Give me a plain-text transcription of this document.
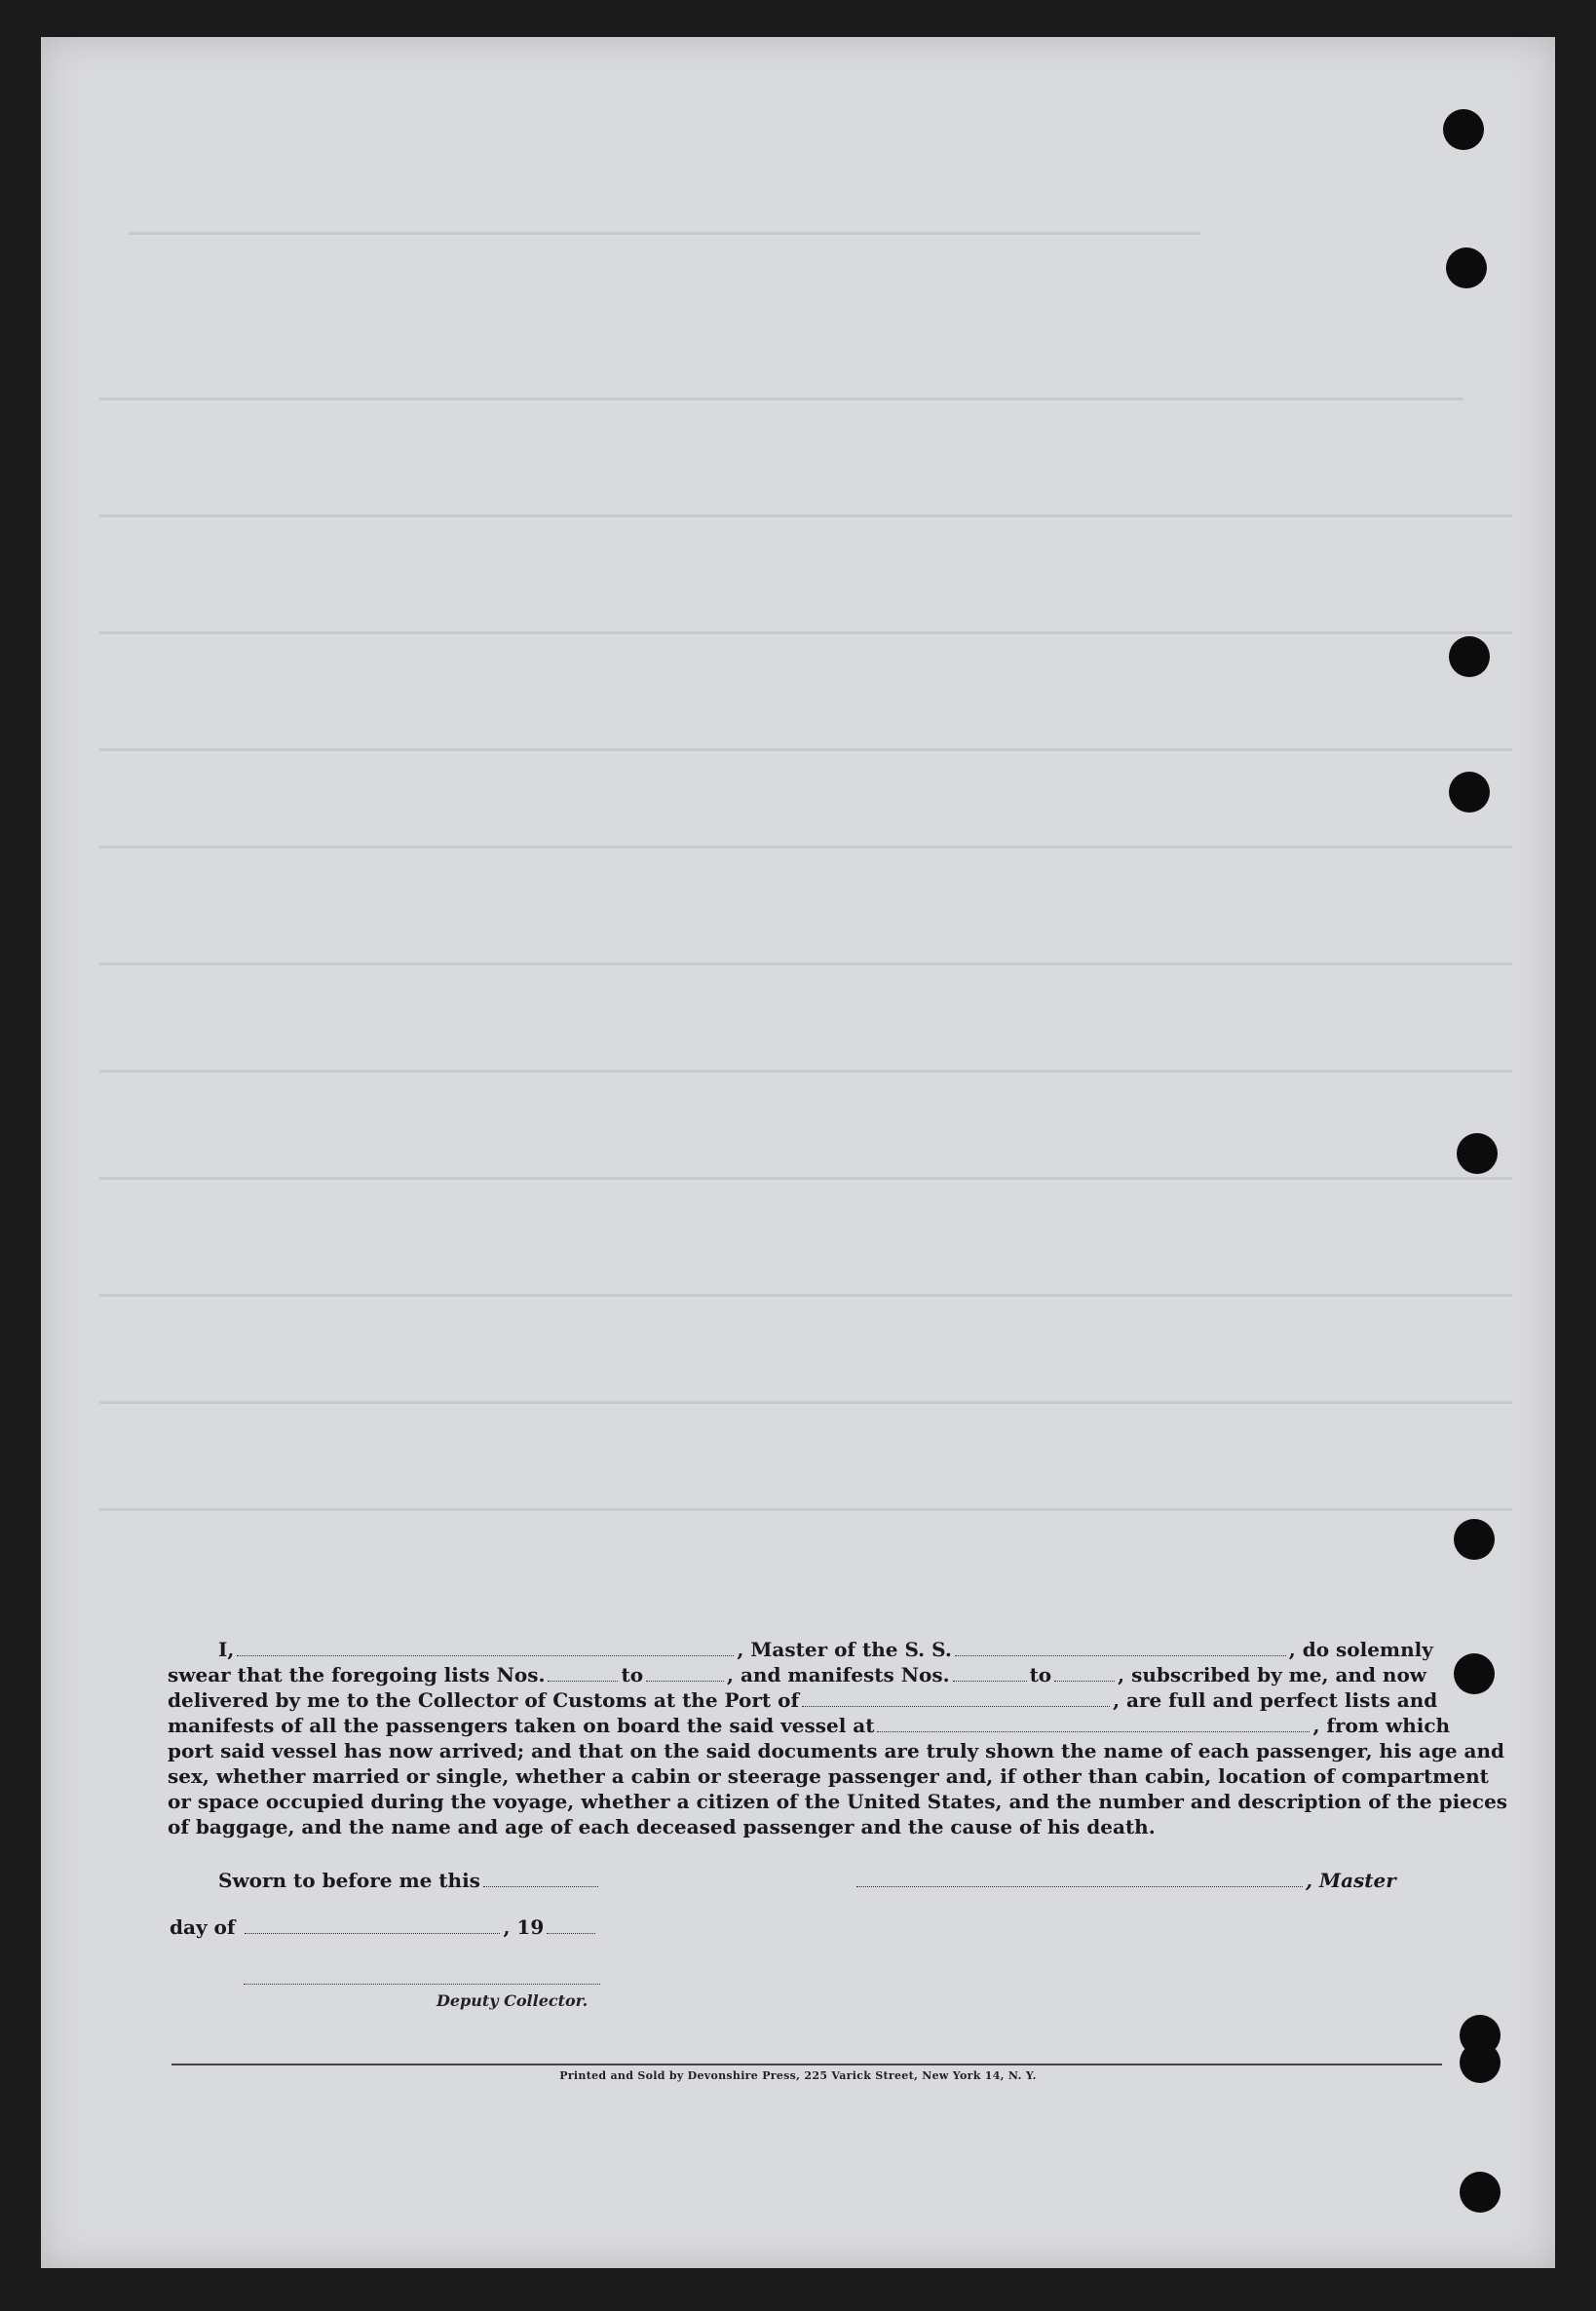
I,	, Master of the S. S.	, do solemnly
swear that the foregoing lists Nos.	to	, and manifests Nos.	to	, subscribed by me, and now
delivered by me to the Collector of Customs at the Port of	, are full and perfect lists and
manifests of all the passengers taken on board the said vessel at	, from which
port said vessel has now arrived; and that on the said documents are truly shown the name of each passenger, his age and
sex, whether married or single, whether a cabin or steerage passenger and, if other than cabin, location of compartment
or space occupied during the voyage, whether a citizen of the United States, and the number and description of the pieces
of baggage, and the name and age of each deceased passenger and the cause of his death.
Sworn to before me this	, Master
day of	, 19
Deputy Collector.
Printed and Sold by Devonshire Press, 225 Varick Street, New York 14, N. Y.
